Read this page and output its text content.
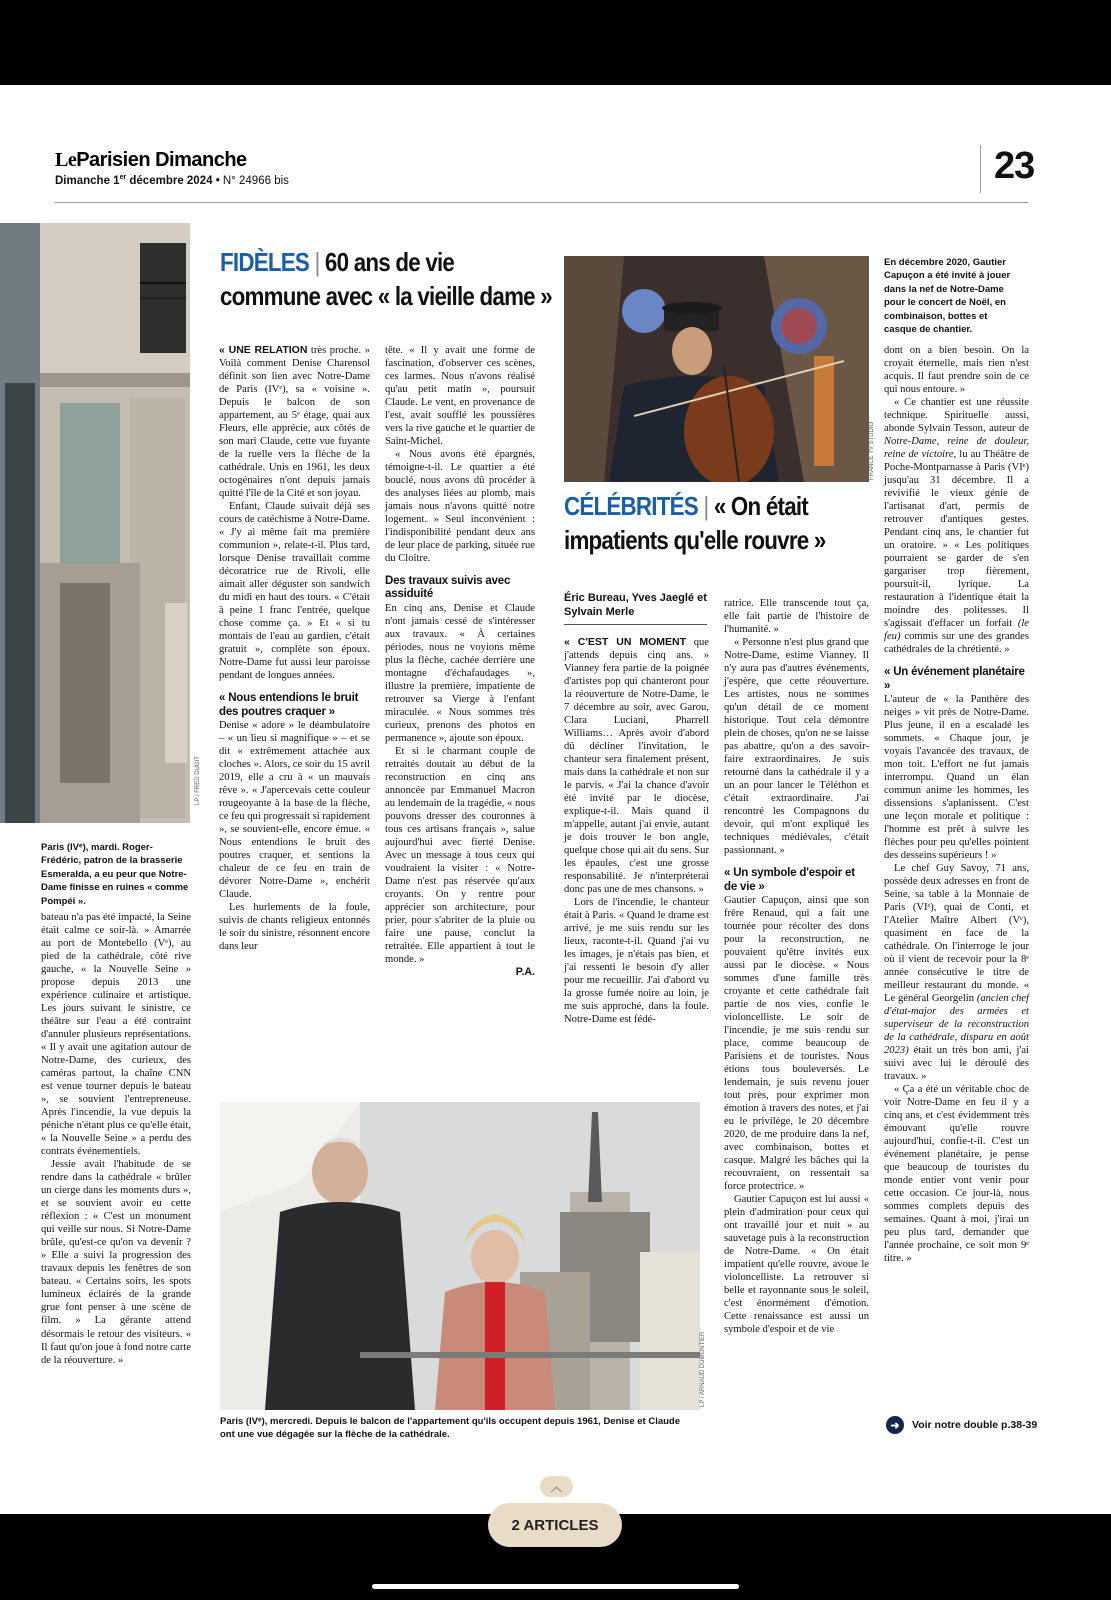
LeParisien Dimanche
Dimanche 1er décembre 2024 • N° 24966 bis	23
LP / FRED DUGIT
Paris (IVᵉ), mardi. Roger-Frédéric, patron de la brasserie Esmeralda, a eu peur que Notre-Dame finisse en ruines « comme Pompéi ».

bateau n'a pas été impacté, la Seine était calme ce soir-là. » Amarrée au port de Montebello (Vᵉ), au pied de la cathédrale, côté rive gauche, « la Nouvelle Seine » propose depuis 2013 une expérience culinaire et artistique. Les jours suivant le sinistre, ce théâtre sur l'eau a été contraint d'annuler plusieurs représentations. « Il y avait une agitation autour de Notre-Dame, des curieux, des caméras partout, la chaîne CNN est venue tourner depuis le bateau », se souvient l'entrepreneuse. Après l'incendie, la vue depuis la péniche n'étant plus ce qu'elle était, « la Nouvelle Seine » a perdu des contrats événementiels.

Jessie avait l'habitude de se rendre dans la cathédrale « brûler un cierge dans les moments durs », et se souvient avoir eu cette réflexion : « C'est un monument qui veille sur nous. Si Notre-Dame brûle, qu'est-ce qu'on va devenir ? » Elle a suivi la progression des travaux depuis les fenêtres de son bateau. « Certains soirs, les spots lumineux éclairés de la grande grue font penser à une scène de film. » La gérante attend désormais le retour des visiteurs. « Il faut qu'on joue à fond notre carte de la réouverture. »

FIDÈLES | 60 ans de vie
commune avec « la vieille dame »

« UNE RELATION très proche. » Voilà comment Denise Charensol définit son lien avec Notre-Dame de Paris (IVᵉ), sa « voisine ». Depuis le balcon de son appartement, au 5ᵉ étage, quai aux Fleurs, elle apprécie, aux côtés de son mari Claude, cette vue fuyante de la ruelle vers la flèche de la cathédrale. Unis en 1961, les deux octogénaires n'ont depuis jamais quitté l'île de la Cité et son joyau.

Enfant, Claude suivait déjà ses cours de catéchisme à Notre-Dame. « J'y ai même fait ma première communion », relate-t-il. Plus tard, lorsque Denise travaillait comme décoratrice rue de Rivoli, elle aimait aller déguster son sandwich du midi en haut des tours. « C'était à peine 1 franc l'entrée, quelque chose comme ça. » Et « si tu montais de l'eau au gardien, c'était gratuit », complète son époux. Notre-Dame fut aussi leur paroisse pendant de longues années.

« Nous entendions le bruit des poutres craquer »

Denise « adore » le déambulatoire – « un lieu si magnifique » – et se dit « extrêmement attachée aux cloches ». Alors, ce soir du 15 avril 2019, elle a cru à « un mauvais rêve ». « J'apercevais cette couleur rougeoyante à la base de la flèche, ce feu qui progressait si rapidement », se souvient-elle, encore émue. « Nous entendions le bruit des poutres craquer, et sentions la chaleur de ce feu en train de dévorer Notre-Dame », enchérit Claude.

Les hurlements de la foule, suivis de chants religieux entonnés le soir du sinistre, résonnent encore dans leur

tête. « Il y avait une forme de fascination, d'observer ces scènes, ces larmes. Nous n'avons réalisé qu'au petit matin », poursuit Claude. Le vent, en provenance de l'est, avait soufflé les poussières vers la rive gauche et le quartier de Saint-Michel.

« Nous avons été épargnés, témoigne-t-il. Le quartier a été bouclé, nous avons dû procéder à des analyses liées au plomb, mais jamais nous n'avons quitté notre logement. » Seul inconvénient : l'indisponibilité pendant deux ans de leur place de parking, située rue du Cloître.

Des travaux suivis avec assiduité

En cinq ans, Denise et Claude n'ont jamais cessé de s'intéresser aux travaux. « À certaines périodes, nous ne voyions même plus la flèche, cachée derrière une montagne d'échafaudages », illustre la première, impatiente de retrouver sa Vierge à l'enfant miraculée. « Nous sommes très curieux, prenons des photos en permanence », ajoute son époux.

Et si le charmant couple de retraités doutait au début de la reconstruction en cinq ans annoncée par Emmanuel Macron au lendemain de la tragédie, « nous pouvons dresser des couronnes à tous ces artisans français », salue aujourd'hui avec fierté Denise. Avec un message à tous ceux qui voudraient la visiter : « Notre-Dame n'est pas réservée qu'aux croyants. On y rentre pour apprécier son architecture, pour prier, pour s'abriter de la pluie ou faire une pause, conclut la retraitée. Elle appartient à tout le monde. »

P.A.

FRANCE TV STUDIO
En décembre 2020, Gautier Capuçon a été invité à jouer dans la nef de Notre-Dame pour le concert de Noël, en combinaison, bottes et casque de chantier.
CÉLÉBRITÉS | « On était
impatients qu'elle rouvre »
Éric Bureau, Yves Jaeglé et Sylvain Merle

« C'EST UN MOMENT que j'attends depuis cinq ans. » Vianney fera partie de la poignée d'artistes pop qui chanteront pour la réouverture de Notre-Dame, le 7 décembre au soir, avec Garou, Clara Luciani, Pharrell Williams… Après avoir d'abord dû décliner l'invitation, le chanteur sera finalement présent, mais dans la cathédrale et non sur le parvis. « J'ai la chance d'avoir été invité par le diocèse, explique-t-il. Mais quand il m'appelle, autant j'ai envie, autant je dois trouver le bon angle, quelque chose qui ait du sens. Sur les épaules, c'est une grosse responsabilité. Je n'interpréterai donc pas une de mes chansons. »

Lors de l'incendie, le chanteur était à Paris. « Quand le drame est arrivé, je me suis rendu sur les lieux, raconte-t-il. Quand j'ai vu les images, je n'étais pas bien, et j'ai ressenti le besoin d'y aller pour me recueillir. J'ai d'abord vu la grosse fumée noire au loin, je me suis approché, dans la foule. Notre-Dame est fédé-

ratrice. Elle transcende tout ça, elle fait partie de l'histoire de l'humanité. »

« Personne n'est plus grand que Notre-Dame, estime Vianney. Il n'y aura pas d'autres événements, j'espère, que cette réouverture. Les artistes, nous ne sommes qu'un détail de ce moment historique. Tout cela démontre plein de choses, qu'on ne se laisse pas abattre, qu'on a des savoir-faire extraordinaires. Je suis retourné dans la cathédrale il y a un an pour lancer le Téléthon et c'était extraordinaire. J'ai rencontré les Compagnons du devoir, qui m'ont expliqué les techniques médiévales, c'était passionnant. »

« Un symbole d'espoir et de vie »

Gautier Capuçon, ainsi que son frère Renaud, qui a fait une tournée pour récolter des dons pour la reconstruction, ne pouvaient qu'être invités eux aussi par le diocèse. « Nous sommes d'une famille très croyante et cette cathédrale fait partie de nos vies, confie le violoncelliste. Le soir de l'incendie, je me suis rendu sur place, comme beaucoup de Parisiens et de touristes. Nous étions tous bouleversés. Le lendemain, je suis revenu jouer tout près, pour exprimer mon émotion à travers des notes, et j'ai eu le privilège, le 20 décembre 2020, de me produire dans la nef, avec combinaison, bottes et casque. Malgré les bâches qui la recouvraient, on ressentait sa force protectrice. »

Gautier Capuçon est lui aussi « plein d'admiration pour ceux qui ont travaillé jour et nuit » au sauvetage puis à la reconstruction de Notre-Dame. « On était impatient qu'elle rouvre, avoue le violoncelliste. La retrouver si belle et rayonnante sous le soleil, c'est énormément d'émotion. Cette renaissance est aussi un symbole d'espoir et de vie

dont on a bien besoin. On la croyait éternelle, mais rien n'est acquis. Il faut prendre soin de ce qui nous entoure. »

« Ce chantier est une réussite technique. Spirituelle aussi, abonde Sylvain Tesson, auteur de Notre-Dame, reine de douleur, reine de victoire, lu au Théâtre de Poche-Montparnasse à Paris (VIᵉ) jusqu'au 31 décembre. Il a revivifié le vieux génie de l'artisanat d'art, permis de retrouver d'antiques gestes. Pendant cinq ans, le chantier fut un oratoire. » « Les politiques pourraient se garder de s'en gargariser trop fièrement, poursuit-il, lyrique. La restauration à l'identique était la moindre des politesses. Il s'agissait d'effacer un forfait (le feu) commis sur une des grandes cathédrales de la chrétienté. »

« Un événement planétaire »

L'auteur de « la Panthère des neiges » vit près de Notre-Dame. Plus jeune, il en a escaladé les sommets. « Chaque jour, je voyais l'avancée des travaux, de mon toit. L'effort ne fut jamais interrompu. Quand un élan commun anime les hommes, les dissensions s'aplanissent. C'est une leçon morale et politique : l'homme est prêt à suivre les flèches pour peu qu'elles pointent des desseins supérieurs ! »

Le chef Guy Savoy, 71 ans, possède deux adresses en front de Seine, sa table à la Monnaie de Paris (VIᵉ), quai de Conti, et l'Atelier Maître Albert (Vᵉ), quasiment en face de la cathédrale. On l'interroge le jour où il vient de recevoir pour la 8ᵉ année consécutive le titre de meilleur restaurant du monde. « Le général Georgelin (ancien chef d'état-major des armées et superviseur de la reconstruction de la cathédrale, disparu en août 2023) était un très bon ami, j'ai suivi avec lui le déroulé des travaux. »

« Ça a été un véritable choc de voir Notre-Dame en feu il y a cinq ans, et c'est évidemment très émouvant qu'elle rouvre aujourd'hui, confie-t-il. C'est un événement planétaire, je pense que beaucoup de touristes du monde entier vont venir pour cette occasion. Ce jour-là, nous sommes complets depuis des semaines. Quant à moi, j'irai un peu plus tard, demander que l'année prochaine, ce soit mon 9ᵉ titre. »

➜	Voir notre double p.38-39
LP / ARNAUD DUMONTIER
Paris (IVᵉ), mercredi. Depuis le balcon de l'appartement qu'ils occupent depuis 1961, Denise et Claude
ont une vue dégagée sur la flèche de la cathédrale.
︿
2 ARTICLES
